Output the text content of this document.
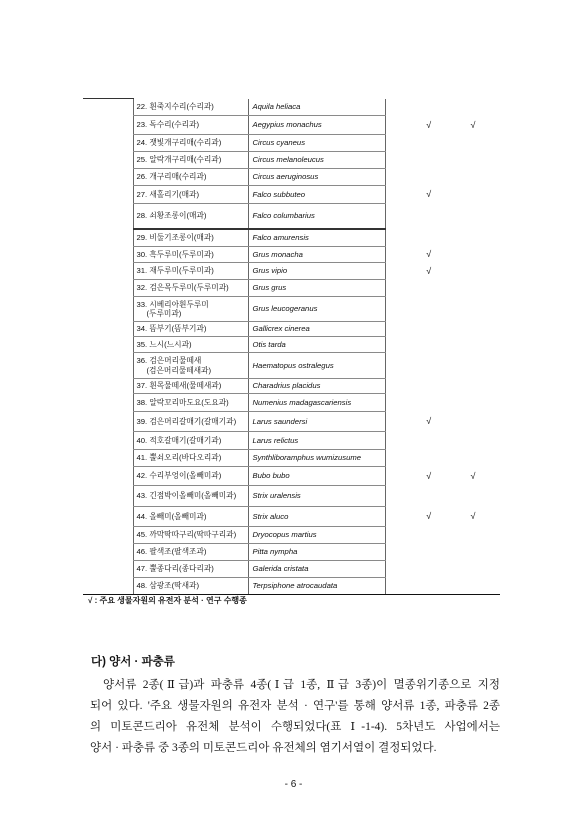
	22. 흰죽지수리(수리과)	Aquila heliaca		

	23. 독수리(수리과)	Aegypius monachus	√	√

	24. 잿빛개구리매(수리과)	Circus cyaneus		

	25. 알락개구리매(수리과)	Circus melanoleucus		

	26. 개구리매(수리과)	Circus aeruginosus		

	27. 새홀리기(매과)	Falco subbuteo	√	

	28. 쇠황조롱이(매과)	Falco columbarius		

	29. 비둘기조롱이(매과)	Falco amurensis		

	30. 흑두루미(두루미과)	Grus monacha	√	

	31. 재두루미(두루미과)	Grus vipio	√	

	32. 검은목두루미(두루미과)	Grus grus		

	33. 시베리아흰두루미
(두루미과)	Grus leucogeranus		

	34. 뜸부기(뜸부기과)	Gallicrex cinerea		

	35. 느시(느시과)	Otis tarda		

	36. 검은머리물떼새
(검은머리물떼새과)	Haematopus ostralegus		

	37. 흰목물떼새(물떼새과)	Charadrius placidus		

	38. 알락꼬리마도요(도요과)	Numenius madagascariensis		

	39. 검은머리갈매기(갈매기과)	Larus saundersi	√	

	40. 적호갈매기(갈매기과)	Larus relictus		

	41. 뿔쇠오리(바다오리과)	Synthliboramphus wumizusume		

	42. 수리부엉이(올빼미과)	Bubo bubo	√	√

	43. 긴점박이올빼미(올빼미과)	Strix uralensis		

	44. 올빼미(올빼미과)	Strix aluco	√	√

	45. 까막딱따구리(딱따구리과)	Dryocopus martius		

	46. 팔색조(팔색조과)	Pitta nympha		

	47. 뿔종다리(종다리과)	Galerida cristata		

	48. 삼광조(딱새과)	Terpsiphone atrocaudata		
√ : 주요 생물자원의 유전자 분석 · 연구 수행종
다) 양서 · 파충류
양서류 2종(Ⅱ급)과 파충류 4종(Ⅰ급 1종, Ⅱ급 3종)이 멸종위기종으로 지정
되어 있다. '주요 생물자원의 유전자 분석 · 연구'를 통해 양서류 1종, 파충류 2종
의 미토콘드리아 유전체 분석이 수행되었다(표 Ⅰ-1-4). 5차년도 사업에서는
양서 · 파충류 중 3종의 미토콘드리아 유전체의 염기서열이 결정되었다.
- 6 -
